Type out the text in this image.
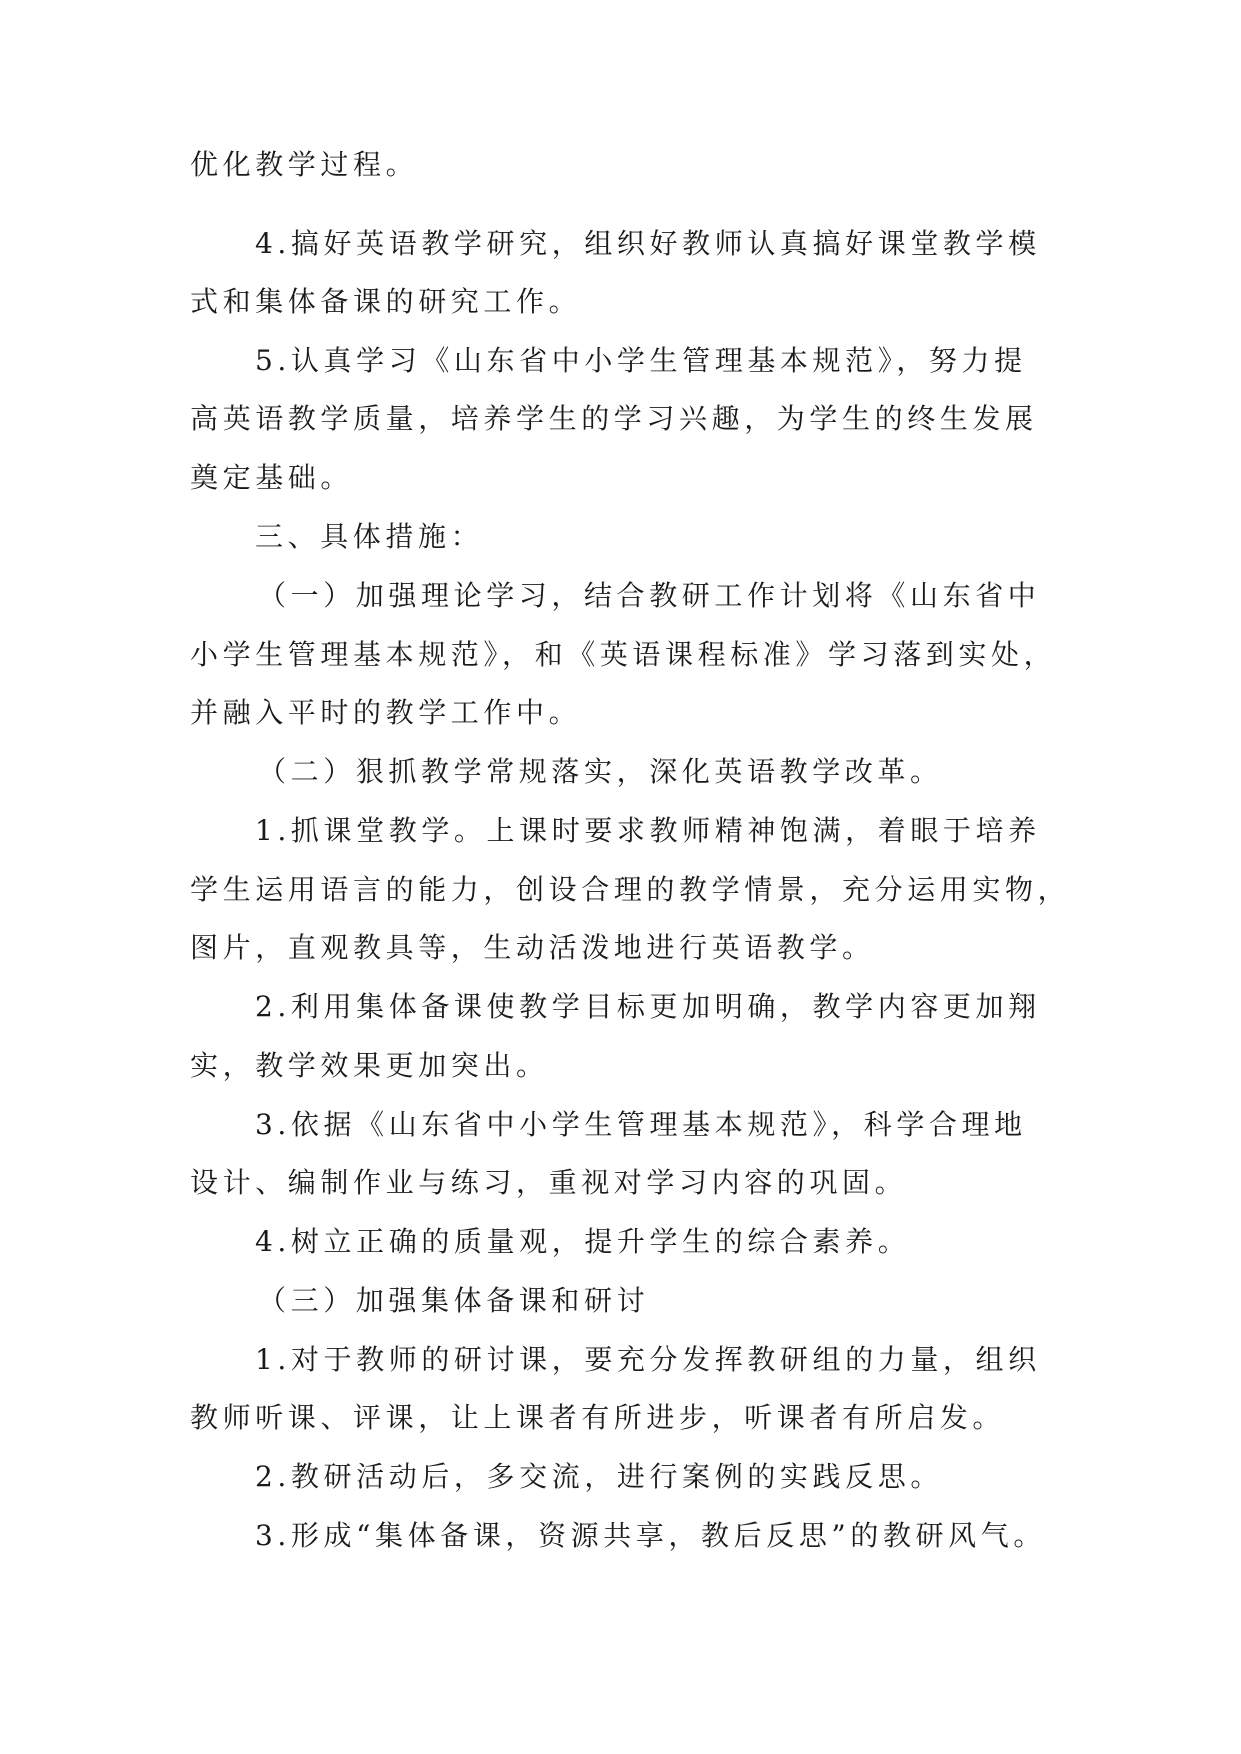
优化教学过程。
4.搞好英语教学研究，组织好教师认真搞好课堂教学模
式和集体备课的研究工作。
5.认真学习《山东省中小学生管理基本规范》，努力提
高英语教学质量，培养学生的学习兴趣，为学生的终生发展
奠定基础。
三、具体措施：
（一）加强理论学习，结合教研工作计划将《山东省中
小学生管理基本规范》，和《英语课程标准》学习落到实处，
并融入平时的教学工作中。
（二）狠抓教学常规落实，深化英语教学改革。
1.抓课堂教学。上课时要求教师精神饱满，着眼于培养
学生运用语言的能力，创设合理的教学情景，充分运用实物，
图片，直观教具等，生动活泼地进行英语教学。
2.利用集体备课使教学目标更加明确，教学内容更加翔
实，教学效果更加突出。
3.依据《山东省中小学生管理基本规范》，科学合理地
设计、编制作业与练习，重视对学习内容的巩固。
4.树立正确的质量观，提升学生的综合素养。
（三）加强集体备课和研讨
1.对于教师的研讨课，要充分发挥教研组的力量，组织
教师听课、评课，让上课者有所进步，听课者有所启发。
2.教研活动后，多交流，进行案例的实践反思。
3.形成“集体备课，资源共享，教后反思”的教研风气。
